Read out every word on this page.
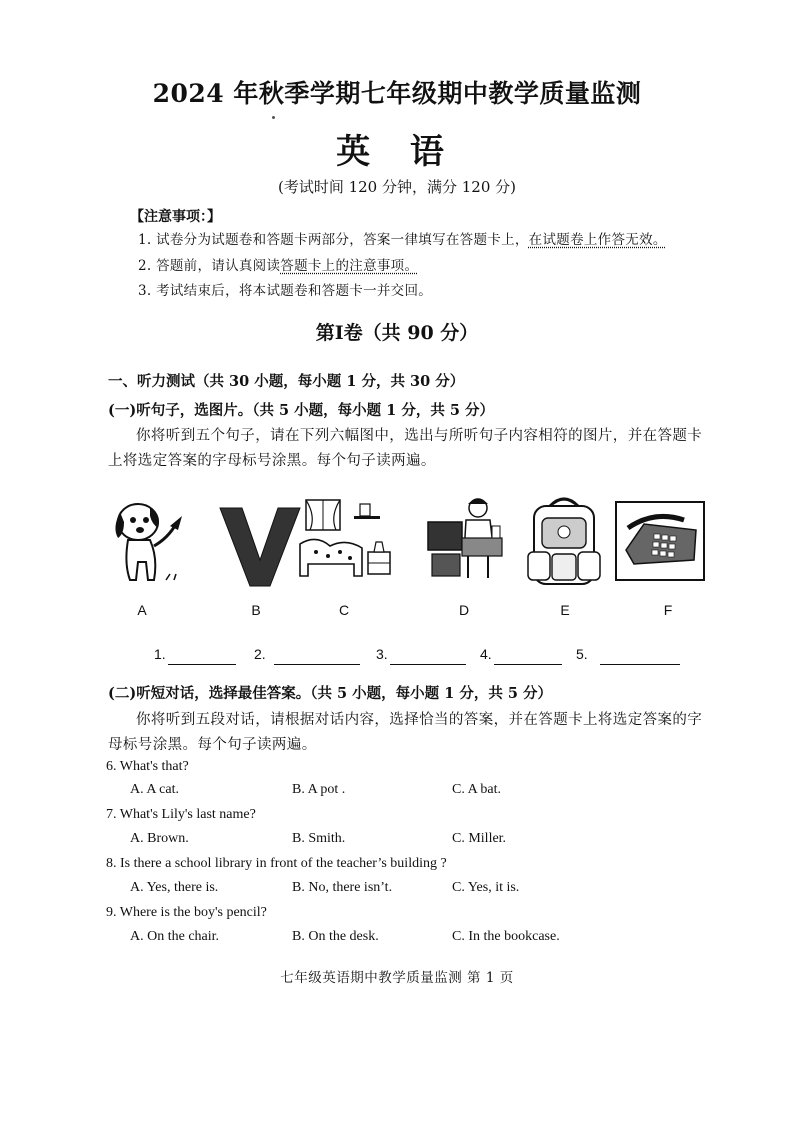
2024 年秋季学期七年级期中教学质量监测
英 语
(考试时间 120 分钟，满分 120 分)
【注意事项：】
1. 试卷分为试题卷和答题卡两部分，答案一律填写在答题卡上，在试题卷上作答无效。
2. 答题前，请认真阅读答题卡上的注意事项。
3. 考试结束后，将本试题卷和答题卡一并交回。
第Ⅰ卷（共 90 分）
一、听力测试（共 30 小题，每小题 1 分，共 30 分）
(一)听句子，选图片。（共 5 小题，每小题 1 分，共 5 分）
你将听到五个句子，请在下列六幅图中，选出与所听句子内容相符的图片，并在答题卡
上将选定答案的字母标号涂黑。每个句子读两遍。
A	B	C	D	E	F
1.	2.	3.	4.	5.
(二)听短对话，选择最佳答案。（共 5 小题，每小题 1 分，共 5 分）
你将听到五段对话，请根据对话内容，选择恰当的答案，并在答题卡上将选定答案的字
母标号涂黑。每个句子读两遍。
6. What's that?
A. A cat.	B. A pot .	C. A bat.
7. What's Lily's last name?
A. Brown.	B. Smith.	C. Miller.
8. Is there a school library in front of the teacher’s building ?
A. Yes, there is.	B. No, there isn’t.	C. Yes, it is.
9. Where is the boy's pencil?
A. On the chair.	B. On the desk.	C. In the bookcase.
七年级英语期中教学质量监测 第 1 页
